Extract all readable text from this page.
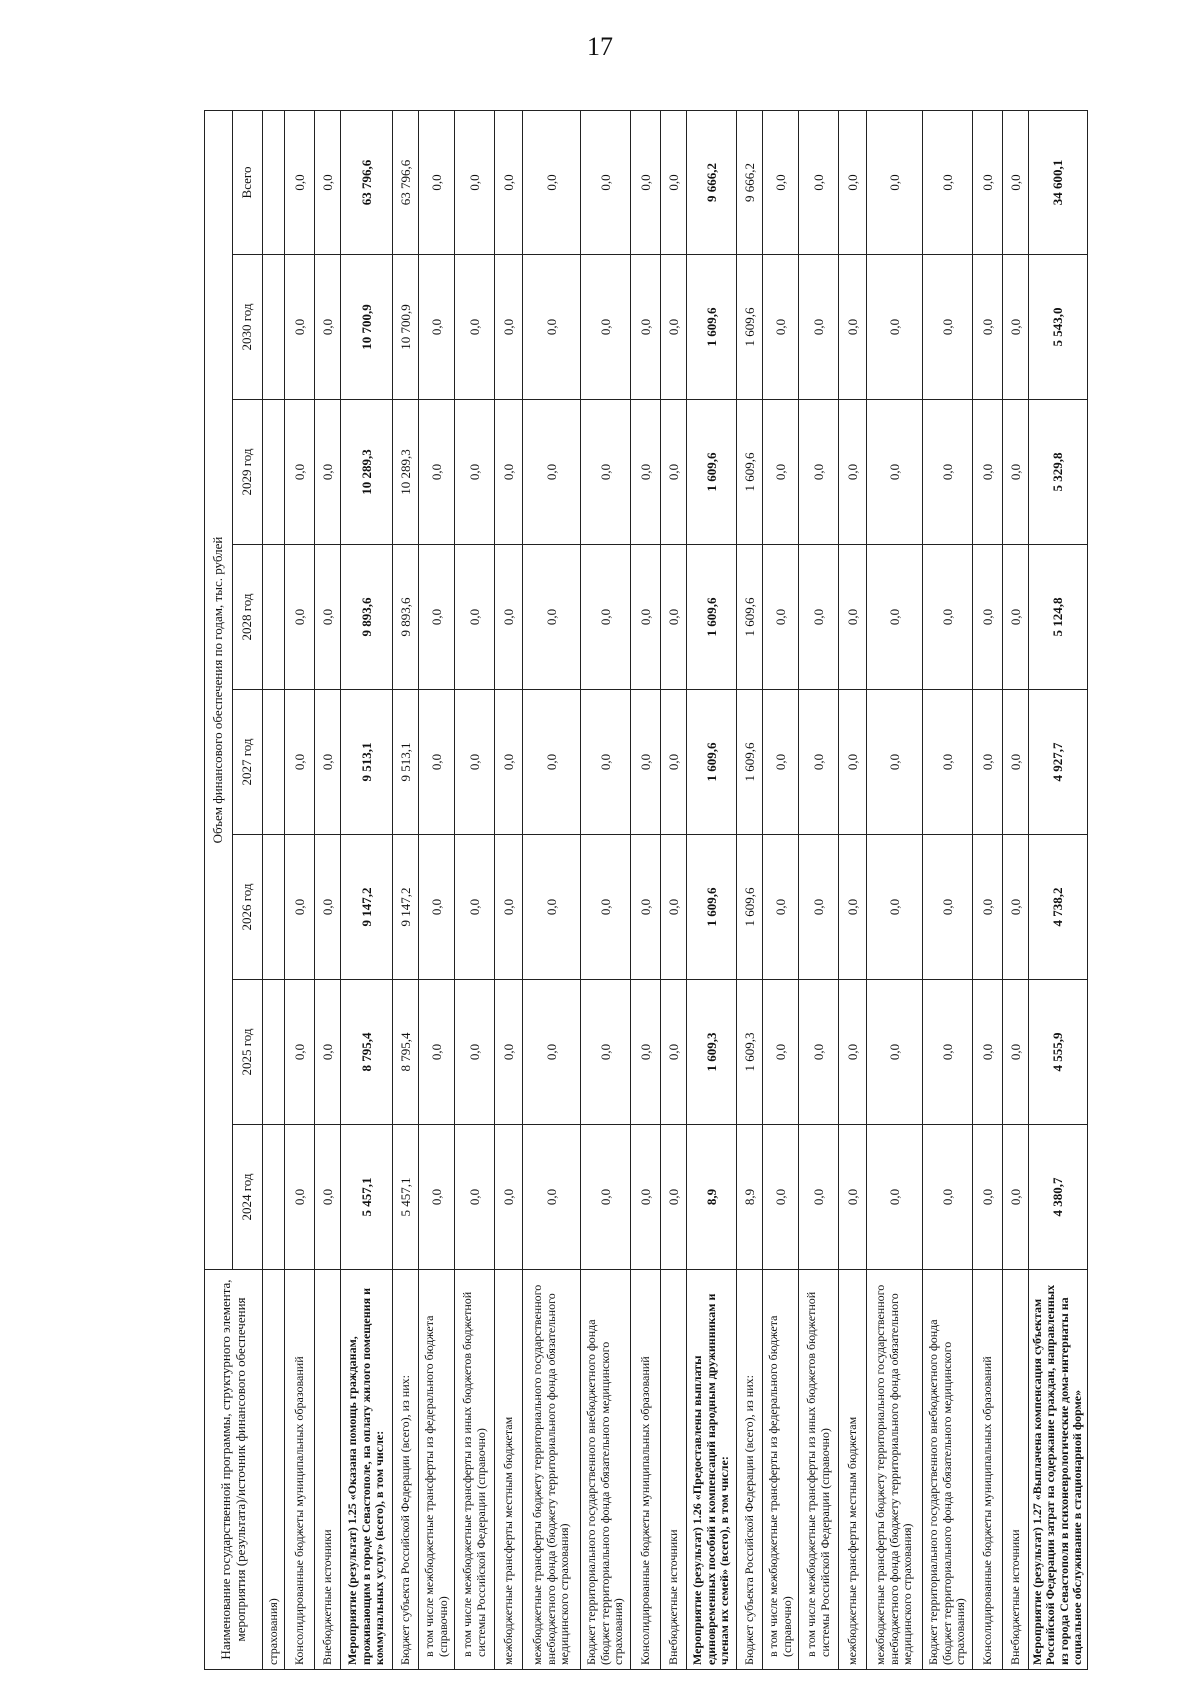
17
Наименование государственной программы, структурного элемента, мероприятия (результата)/источник финансового обеспечения	Объем финансового обеспечения по годам, тыс. рублей							
	2024 год	2025 год	2026 год	2027 год	2028 год	2029 год	2030 год	Всего
страхования)								
Консолидированные бюджеты муниципальных образований	0,0	0,0	0,0	0,0	0,0	0,0	0,0	0,0
Внебюджетные источники	0,0	0,0	0,0	0,0	0,0	0,0	0,0	0,0
Мероприятие (результат) 1.25 «Оказана помощь гражданам, проживающим в городе Севастополе, на оплату жилого помещения и коммунальных услуг» (всего), в том числе:	5 457,1	8 795,4	9 147,2	9 513,1	9 893,6	10 289,3	10 700,9	63 796,6
Бюджет субъекта Российской Федерации (всего), из них:	5 457,1	8 795,4	9 147,2	9 513,1	9 893,6	10 289,3	10 700,9	63 796,6
в том числе межбюджетные трансферты из федерального бюджета (справочно)	0,0	0,0	0,0	0,0	0,0	0,0	0,0	0,0
в том числе межбюджетные трансферты из иных бюджетов бюджетной системы Российской Федерации (справочно)	0,0	0,0	0,0	0,0	0,0	0,0	0,0	0,0
межбюджетные трансферты местным бюджетам	0,0	0,0	0,0	0,0	0,0	0,0	0,0	0,0
межбюджетные трансферты бюджету территориального государственного внебюджетного фонда (бюджету территориального фонда обязательного медицинского страхования)	0,0	0,0	0,0	0,0	0,0	0,0	0,0	0,0
Бюджет территориального государственного внебюджетного фонда (бюджет территориального фонда обязательного медицинского страхования)	0,0	0,0	0,0	0,0	0,0	0,0	0,0	0,0
Консолидированные бюджеты муниципальных образований	0,0	0,0	0,0	0,0	0,0	0,0	0,0	0,0
Внебюджетные источники	0,0	0,0	0,0	0,0	0,0	0,0	0,0	0,0
Мероприятие (результат) 1.26 «Предоставлены выплаты единовременных пособий и компенсаций народным дружинникам и членам их семей» (всего), в том числе:	8,9	1 609,3	1 609,6	1 609,6	1 609,6	1 609,6	1 609,6	9 666,2
Бюджет субъекта Российской Федерации (всего), из них:	8,9	1 609,3	1 609,6	1 609,6	1 609,6	1 609,6	1 609,6	9 666,2
в том числе межбюджетные трансферты из федерального бюджета (справочно)	0,0	0,0	0,0	0,0	0,0	0,0	0,0	0,0
в том числе межбюджетные трансферты из иных бюджетов бюджетной системы Российской Федерации (справочно)	0,0	0,0	0,0	0,0	0,0	0,0	0,0	0,0
межбюджетные трансферты местным бюджетам	0,0	0,0	0,0	0,0	0,0	0,0	0,0	0,0
межбюджетные трансферты бюджету территориального государственного внебюджетного фонда (бюджету территориального фонда обязательного медицинского страхования)	0,0	0,0	0,0	0,0	0,0	0,0	0,0	0,0
Бюджет территориального государственного внебюджетного фонда (бюджет территориального фонда обязательного медицинского страхования)	0,0	0,0	0,0	0,0	0,0	0,0	0,0	0,0
Консолидированные бюджеты муниципальных образований	0,0	0,0	0,0	0,0	0,0	0,0	0,0	0,0
Внебюджетные источники	0,0	0,0	0,0	0,0	0,0	0,0	0,0	0,0
Мероприятие (результат) 1.27 «Выплачена компенсация субъектам Российской Федерации затрат на содержание граждан, направленных из города Севастополя в психоневрологические дома-интернаты на социальное обслуживание в стационарной форме»	4 380,7	4 555,9	4 738,2	4 927,7	5 124,8	5 329,8	5 543,0	34 600,1
